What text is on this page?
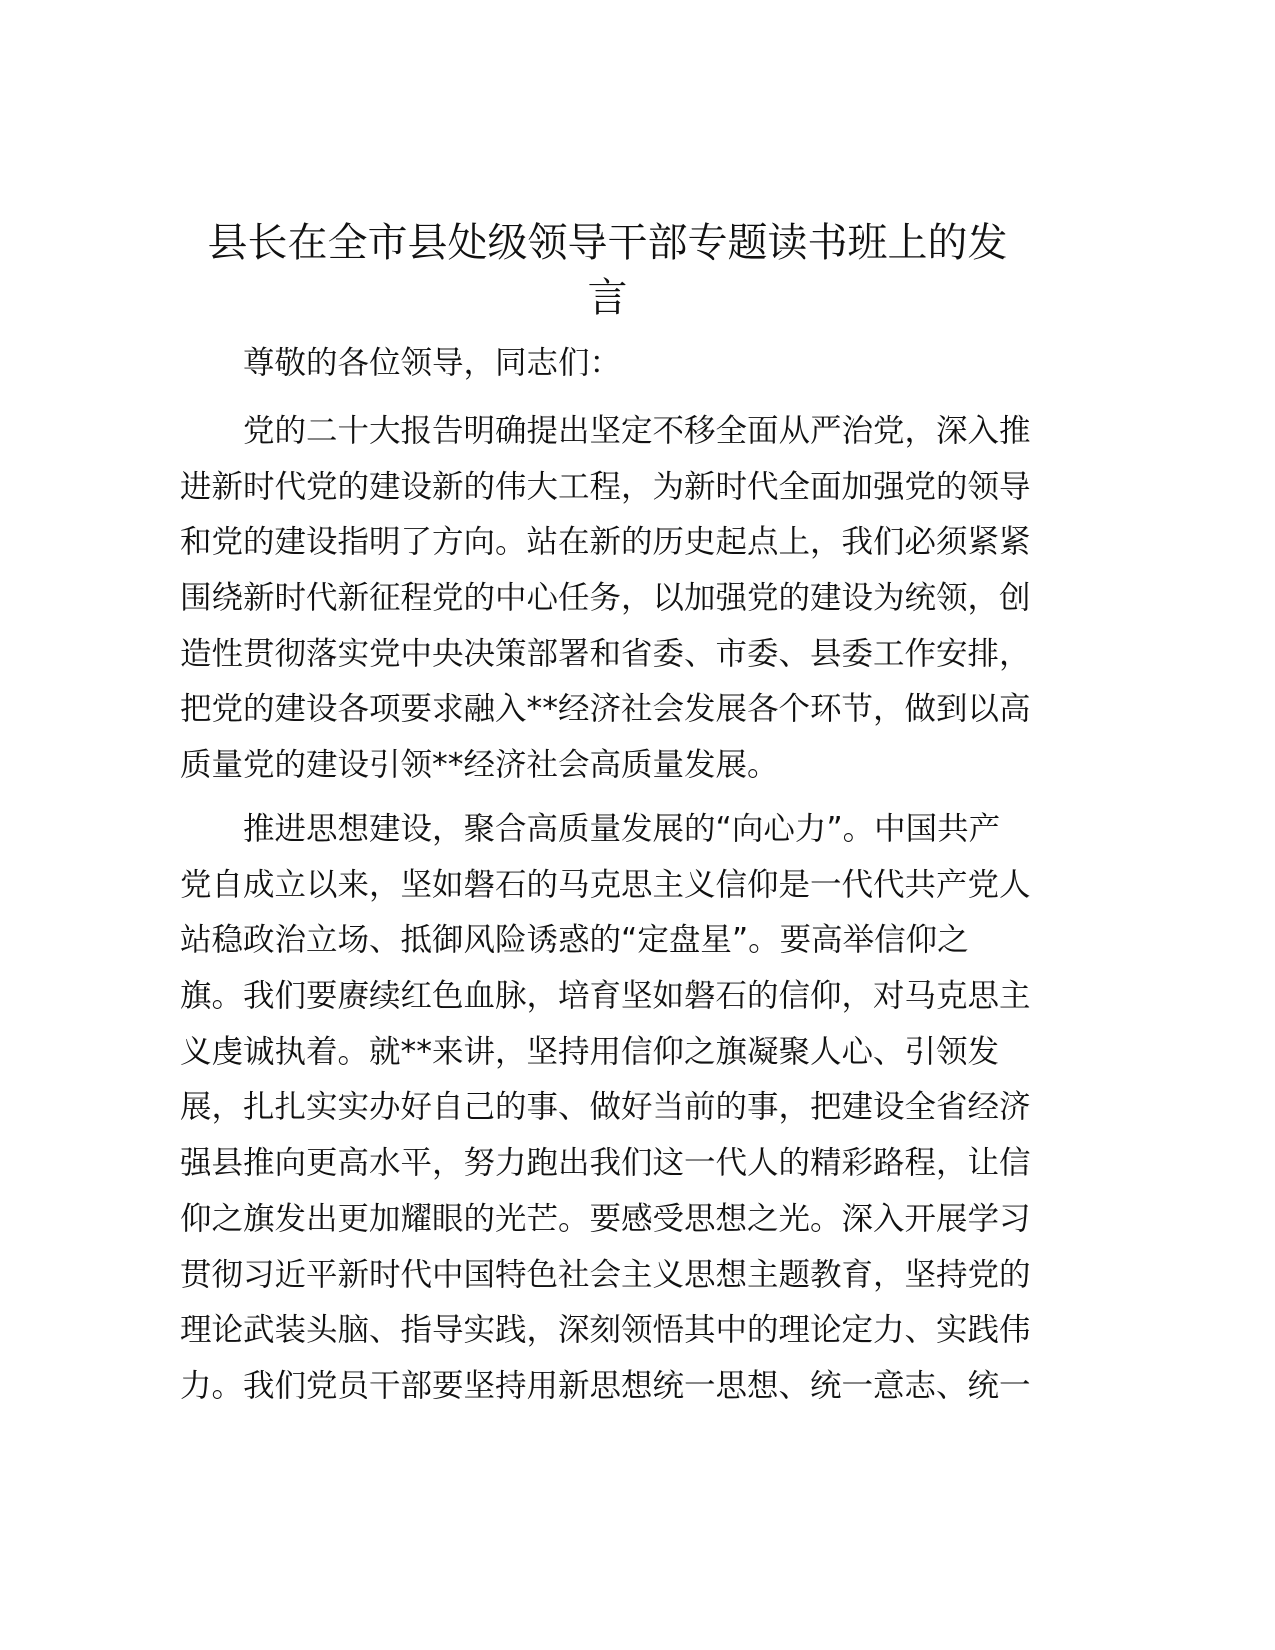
县长在全市县处级领导干部专题读书班上的发
言
尊敬的各位领导，同志们：
党的二十大报告明确提出坚定不移全面从严治党，深入推
进新时代党的建设新的伟大工程，为新时代全面加强党的领导
和党的建设指明了方向。站在新的历史起点上，我们必须紧紧
围绕新时代新征程党的中心任务，以加强党的建设为统领，创
造性贯彻落实党中央决策部署和省委、市委、县委工作安排，
把党的建设各项要求融入**经济社会发展各个环节，做到以高
质量党的建设引领**经济社会高质量发展。
推进思想建设，聚合高质量发展的“向心力”。中国共产
党自成立以来，坚如磐石的马克思主义信仰是一代代共产党人
站稳政治立场、抵御风险诱惑的“定盘星”。要高举信仰之
旗。我们要赓续红色血脉，培育坚如磐石的信仰，对马克思主
义虔诚执着。就**来讲，坚持用信仰之旗凝聚人心、引领发
展，扎扎实实办好自己的事、做好当前的事，把建设全省经济
强县推向更高水平，努力跑出我们这一代人的精彩路程，让信
仰之旗发出更加耀眼的光芒。要感受思想之光。深入开展学习
贯彻习近平新时代中国特色社会主义思想主题教育，坚持党的
理论武装头脑、指导实践，深刻领悟其中的理论定力、实践伟
力。我们党员干部要坚持用新思想统一思想、统一意志、统一
